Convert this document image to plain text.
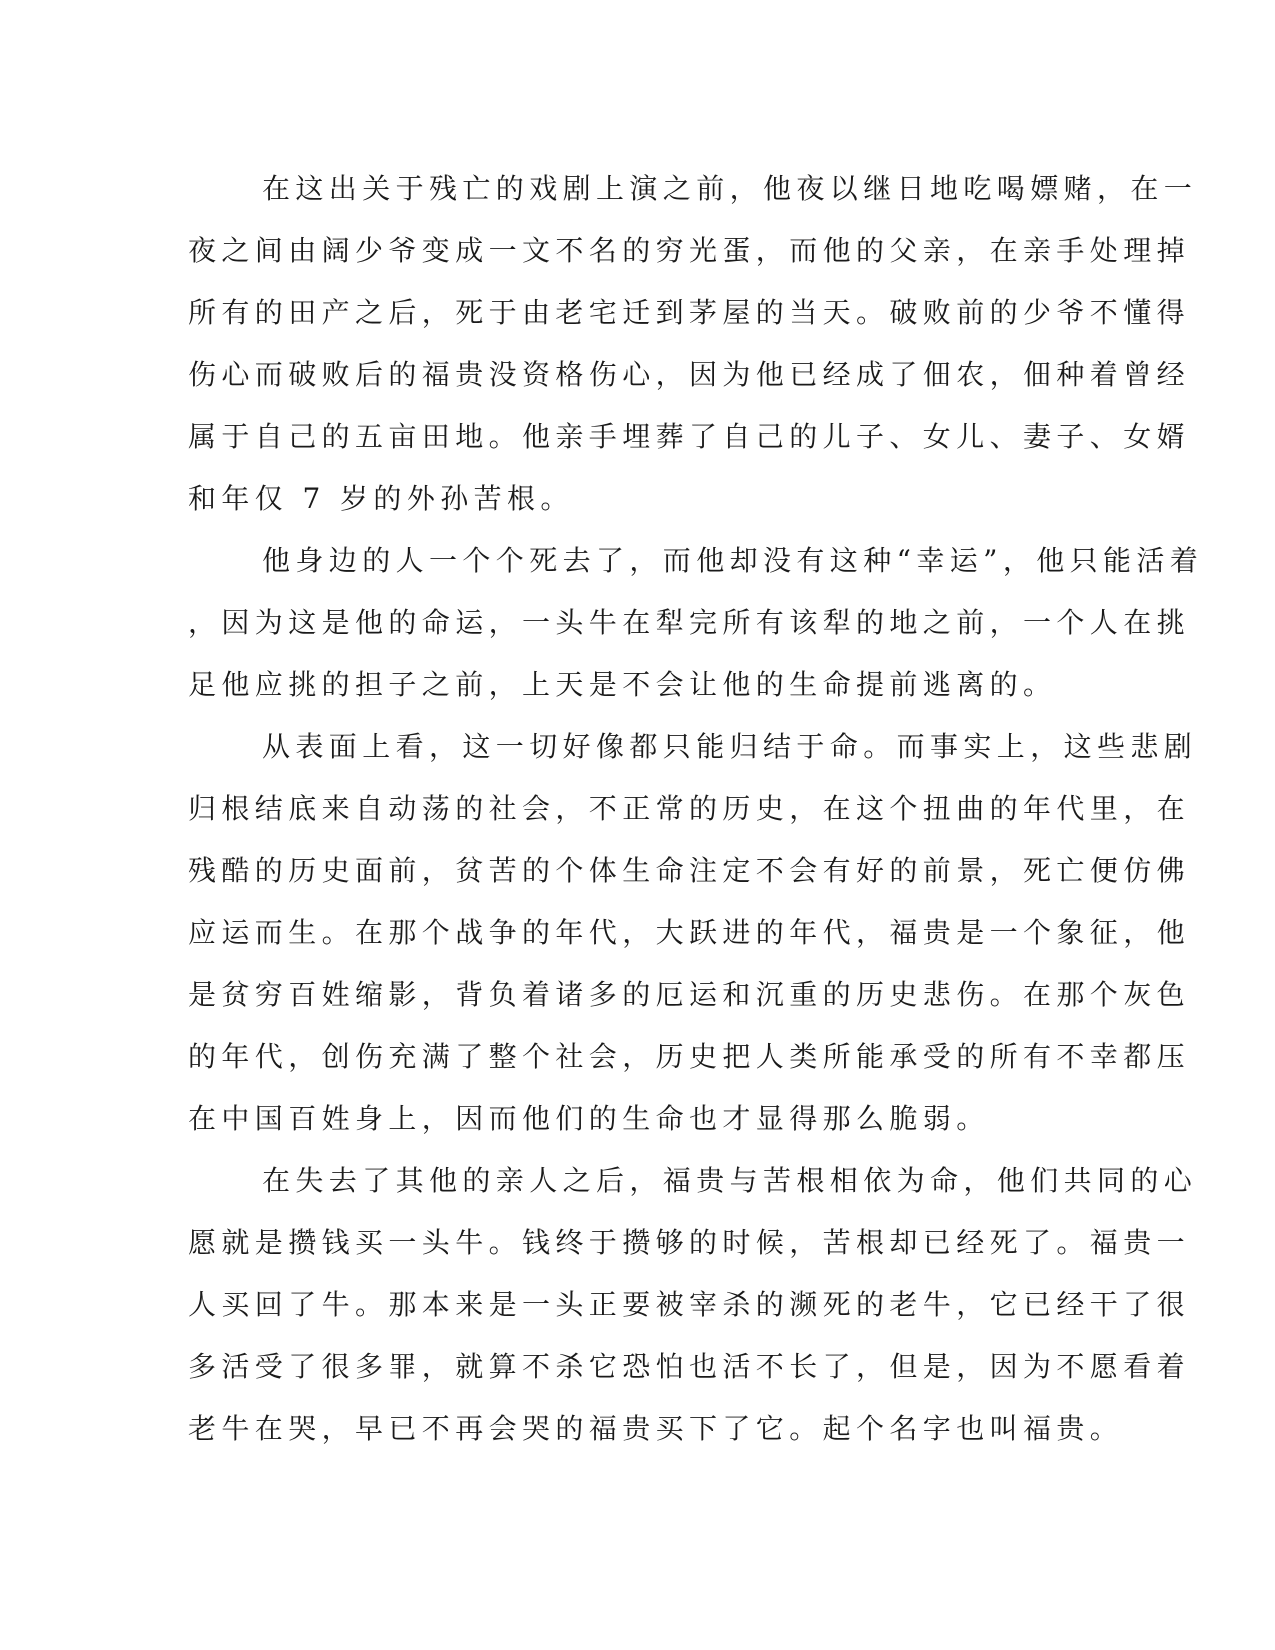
在这出关于残亡的戏剧上演之前，他夜以继日地吃喝嫖赌，在一
夜之间由阔少爷变成一文不名的穷光蛋，而他的父亲，在亲手处理掉
所有的田产之后，死于由老宅迁到茅屋的当天。破败前的少爷不懂得
伤心而破败后的福贵没资格伤心，因为他已经成了佃农，佃种着曾经
属于自己的五亩田地。他亲手埋葬了自己的儿子、女儿、妻子、女婿
和年仅 7 岁的外孙苦根。
他身边的人一个个死去了，而他却没有这种“幸运”，他只能活着
，因为这是他的命运，一头牛在犁完所有该犁的地之前，一个人在挑
足他应挑的担子之前，上天是不会让他的生命提前逃离的。
从表面上看，这一切好像都只能归结于命。而事实上，这些悲剧
归根结底来自动荡的社会，不正常的历史，在这个扭曲的年代里，在
残酷的历史面前，贫苦的个体生命注定不会有好的前景，死亡便仿佛
应运而生。在那个战争的年代，大跃进的年代，福贵是一个象征，他
是贫穷百姓缩影，背负着诸多的厄运和沉重的历史悲伤。在那个灰色
的年代，创伤充满了整个社会，历史把人类所能承受的所有不幸都压
在中国百姓身上，因而他们的生命也才显得那么脆弱。
在失去了其他的亲人之后，福贵与苦根相依为命，他们共同的心
愿就是攒钱买一头牛。钱终于攒够的时候，苦根却已经死了。福贵一
人买回了牛。那本来是一头正要被宰杀的濒死的老牛，它已经干了很
多活受了很多罪，就算不杀它恐怕也活不长了，但是，因为不愿看着
老牛在哭，早已不再会哭的福贵买下了它。起个名字也叫福贵。
